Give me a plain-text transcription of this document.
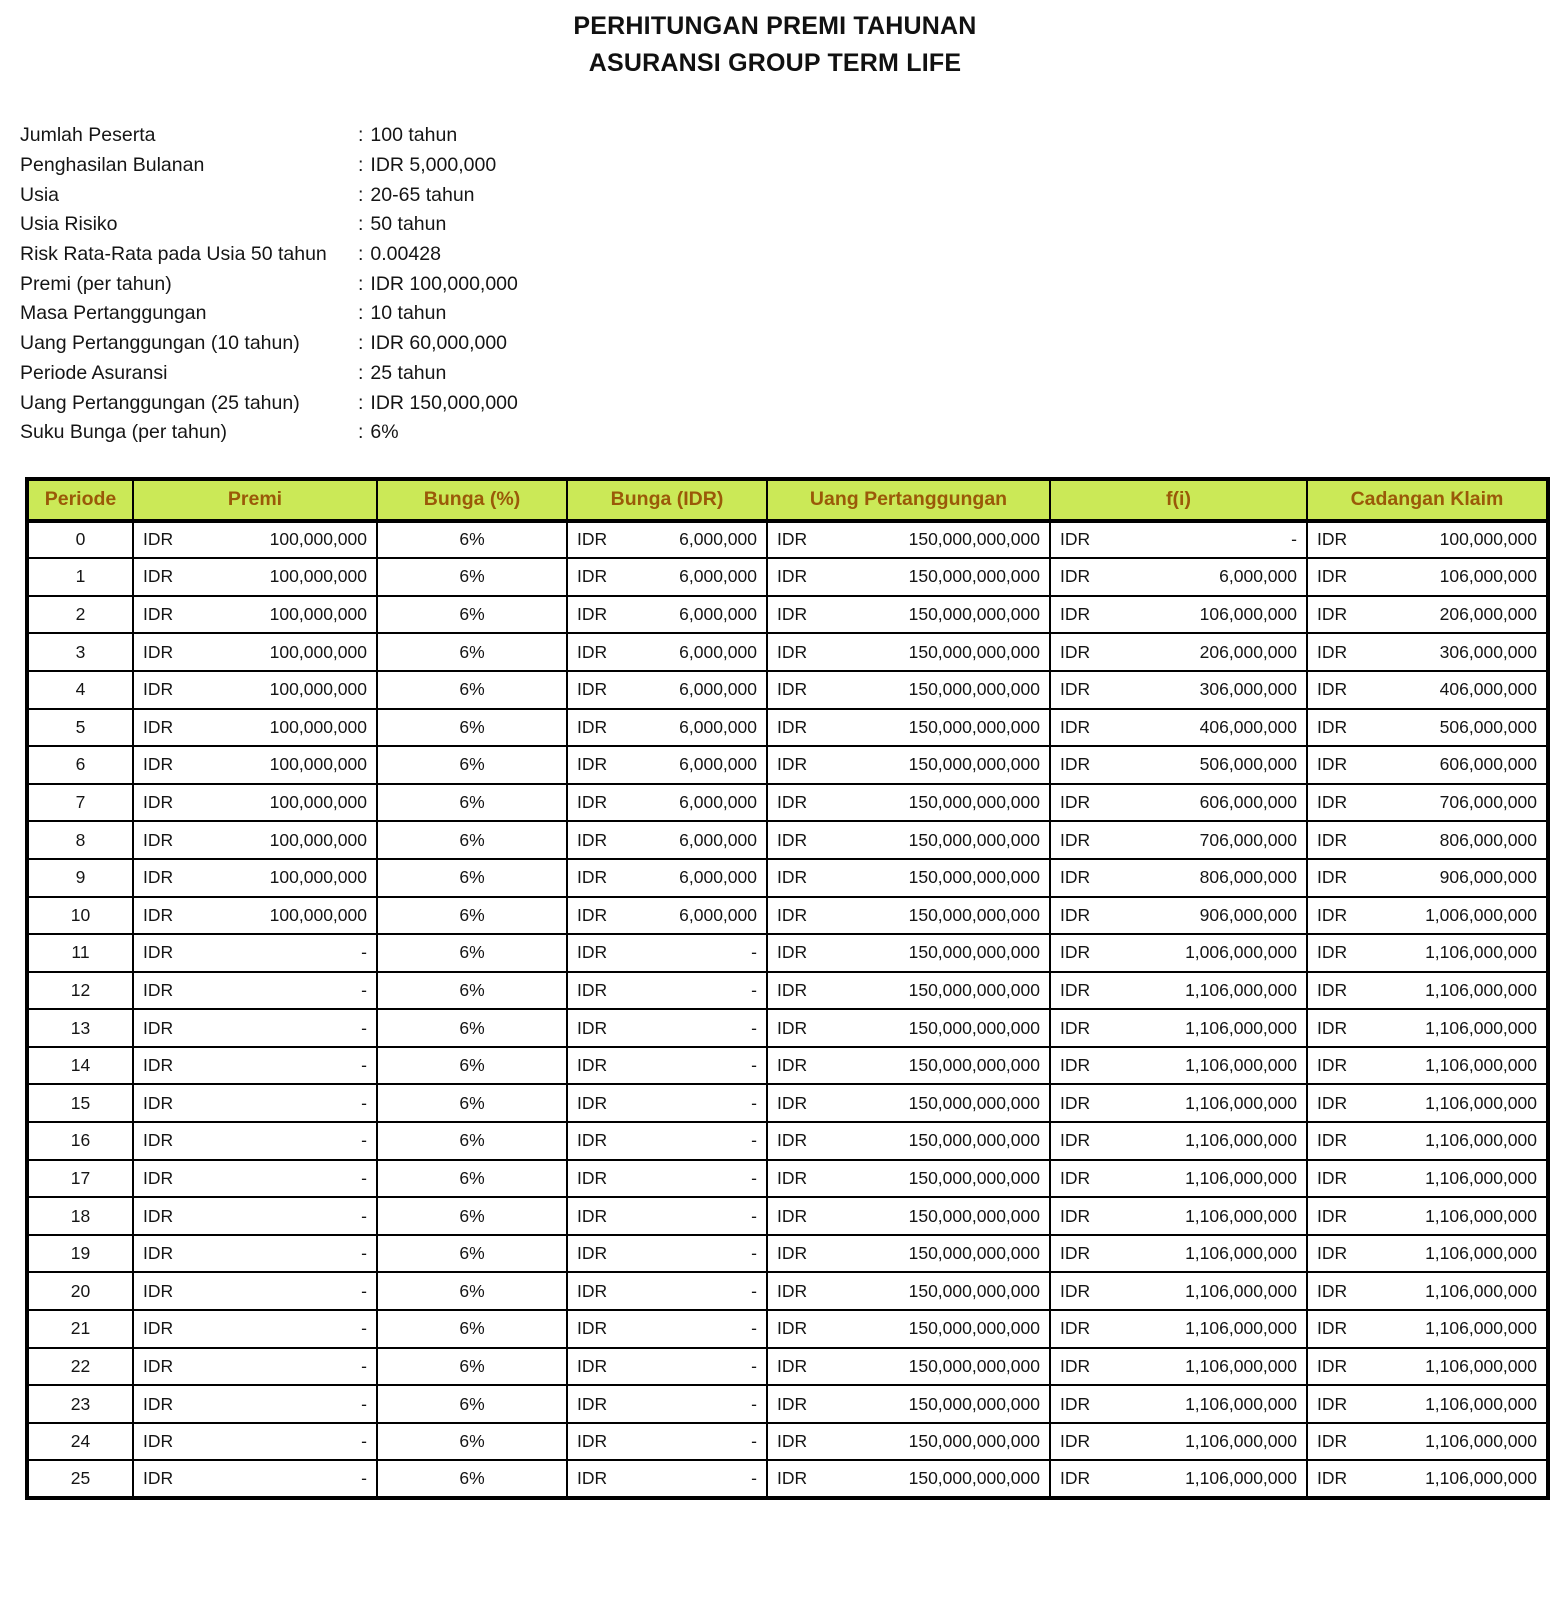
PERHITUNGAN PREMI TAHUNAN
ASURANSI GROUP TERM LIFE
Jumlah Peserta	: 100 tahun
Penghasilan Bulanan	: IDR 5,000,000
Usia	: 20-65 tahun
Usia Risiko	: 50 tahun
Risk Rata-Rata pada Usia 50 tahun	: 0.00428
Premi (per tahun)	: IDR 100,000,000
Masa Pertanggungan	: 10 tahun
Uang Pertanggungan (10 tahun)	: IDR 60,000,000
Periode Asuransi	: 25 tahun
Uang Pertanggungan (25 tahun)	: IDR 150,000,000
Suku Bunga (per tahun)	: 6%
Periode	Premi	Bunga (%)	Bunga (IDR)	Uang Pertanggungan	f(i)	Cadangan Klaim
0	IDR 100,000,000	6%	IDR 6,000,000	IDR 150,000,000,000	IDR -	IDR 100,000,000

1	IDR 100,000,000	6%	IDR 6,000,000	IDR 150,000,000,000	IDR 6,000,000	IDR 106,000,000

2	IDR 100,000,000	6%	IDR 6,000,000	IDR 150,000,000,000	IDR 106,000,000	IDR 206,000,000

3	IDR 100,000,000	6%	IDR 6,000,000	IDR 150,000,000,000	IDR 206,000,000	IDR 306,000,000

4	IDR 100,000,000	6%	IDR 6,000,000	IDR 150,000,000,000	IDR 306,000,000	IDR 406,000,000

5	IDR 100,000,000	6%	IDR 6,000,000	IDR 150,000,000,000	IDR 406,000,000	IDR 506,000,000

6	IDR 100,000,000	6%	IDR 6,000,000	IDR 150,000,000,000	IDR 506,000,000	IDR 606,000,000

7	IDR 100,000,000	6%	IDR 6,000,000	IDR 150,000,000,000	IDR 606,000,000	IDR 706,000,000

8	IDR 100,000,000	6%	IDR 6,000,000	IDR 150,000,000,000	IDR 706,000,000	IDR 806,000,000

9	IDR 100,000,000	6%	IDR 6,000,000	IDR 150,000,000,000	IDR 806,000,000	IDR 906,000,000

10	IDR 100,000,000	6%	IDR 6,000,000	IDR 150,000,000,000	IDR 906,000,000	IDR 1,006,000,000

11	IDR -	6%	IDR -	IDR 150,000,000,000	IDR 1,006,000,000	IDR 1,106,000,000

12	IDR -	6%	IDR -	IDR 150,000,000,000	IDR 1,106,000,000	IDR 1,106,000,000

13	IDR -	6%	IDR -	IDR 150,000,000,000	IDR 1,106,000,000	IDR 1,106,000,000

14	IDR -	6%	IDR -	IDR 150,000,000,000	IDR 1,106,000,000	IDR 1,106,000,000

15	IDR -	6%	IDR -	IDR 150,000,000,000	IDR 1,106,000,000	IDR 1,106,000,000

16	IDR -	6%	IDR -	IDR 150,000,000,000	IDR 1,106,000,000	IDR 1,106,000,000

17	IDR -	6%	IDR -	IDR 150,000,000,000	IDR 1,106,000,000	IDR 1,106,000,000

18	IDR -	6%	IDR -	IDR 150,000,000,000	IDR 1,106,000,000	IDR 1,106,000,000

19	IDR -	6%	IDR -	IDR 150,000,000,000	IDR 1,106,000,000	IDR 1,106,000,000

20	IDR -	6%	IDR -	IDR 150,000,000,000	IDR 1,106,000,000	IDR 1,106,000,000

21	IDR -	6%	IDR -	IDR 150,000,000,000	IDR 1,106,000,000	IDR 1,106,000,000

22	IDR -	6%	IDR -	IDR 150,000,000,000	IDR 1,106,000,000	IDR 1,106,000,000

23	IDR -	6%	IDR -	IDR 150,000,000,000	IDR 1,106,000,000	IDR 1,106,000,000

24	IDR -	6%	IDR -	IDR 150,000,000,000	IDR 1,106,000,000	IDR 1,106,000,000

25	IDR -	6%	IDR -	IDR 150,000,000,000	IDR 1,106,000,000	IDR 1,106,000,000
